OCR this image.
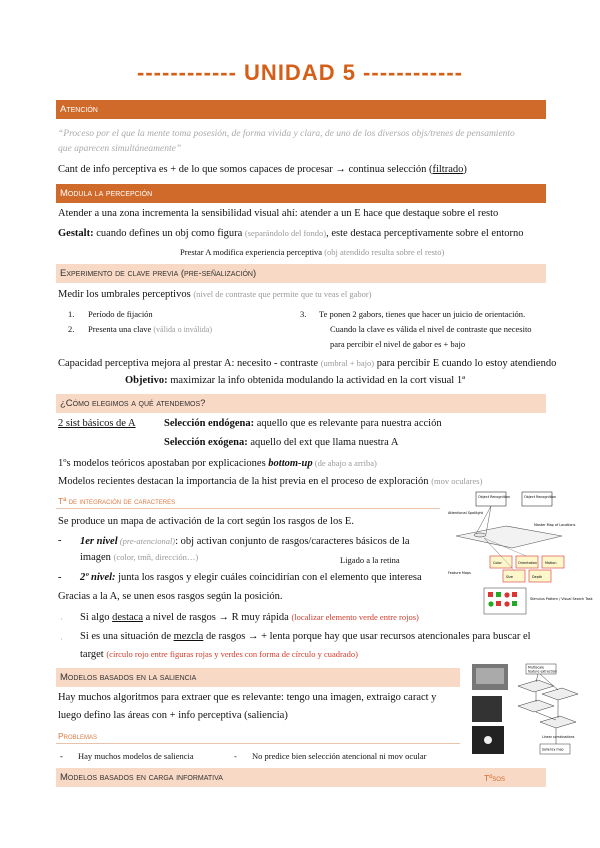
------------ UNIDAD 5 ------------
Atención
“Proceso por el que la mente toma posesión, de forma vivida y clara, de uno de los diversos objs/trenes de pensamiento
que aparecen simultáneamente”
Cant de info perceptiva es + de lo que somos capaces de procesar → continua selección (filtrado)
Modula la percepción
Atender a una zona incrementa la sensibilidad visual ahí: atender a un E hace que destaque sobre el resto
Gestalt: cuando defines un obj como figura (separándolo del fondo), este destaca perceptivamente sobre el entorno
Prestar A modifica experiencia perceptiva (obj atendido resulta sobre el resto)
Experimento de clave previa (pre-señalización)
Medir los umbrales perceptivos (nivel de contraste que permite que tu veas el gabor)
1. Período de fijación
2. Presenta una clave (válida o inválida)
3. Te ponen 2 gabors, tienes que hacer un juicio de orientación.
Cuando la clave es válida el nivel de contraste que necesito
para percibir el nivel de gabor es + bajo
Capacidad perceptiva mejora al prestar A: necesito - contraste (umbral + bajo) para percibir E cuando lo estoy atendiendo
Objetivo: maximizar la info obtenida modulando la actividad en la cort visual 1ª
¿Cómo elegimos a qué atendemos?
2 sist básicos de A	Selección endógena: aquello que es relevante para nuestra acción
Selección exógena: aquello del ext que llama nuestra A
1ºs modelos teóricos apostaban por explicaciones bottom-up (de abajo a arriba)
Modelos recientes destacan la importancia de la hist previa en el proceso de exploración (mov oculares)
Tª de integración de caracteres
Se produce un mapa de activación de la cort según los rasgos de los E.
- 1er nivel (pre-atencional): obj activan conjunto de rasgos/caracteres básicos de la
imagen (color, tmñ, dirección…)	Ligado a la retina
- 2º nivel: junta los rasgos y elegir cuáles coincidirían con el elemento que interesa
Gracias a la A, se unen esos rasgos según la posición.
· Si algo destaca a nivel de rasgos → R muy rápida (localizar elemento verde entre rojos)
· Si es una situación de mezcla de rasgos → + lenta porque hay que usar recursos atencionales para buscar el
target (círculo rojo entre figuras rojas y verdes con forma de círculo y cuadrado)
Modelos basados en la saliencia
Hay muchos algoritmos para extraer que es relevante: tengo una imagen, extraigo caract y
luego defino las áreas con + info perceptiva (saliencia)
Problemas
- Hay muchos modelos de saliencia	- No predice bien selección atencional ni mov ocular
Modelos basados en carga informativa	Tºsos
Object Recognition	Object Recognition
Attentional Spotlight
Master Map of Locations
Color	Orientation Motion
Size	Depth
Feature Maps
Stimulus Pattern / Visual Search Task
Multiscale
feature extraction
Linear combinations
Saliency map
